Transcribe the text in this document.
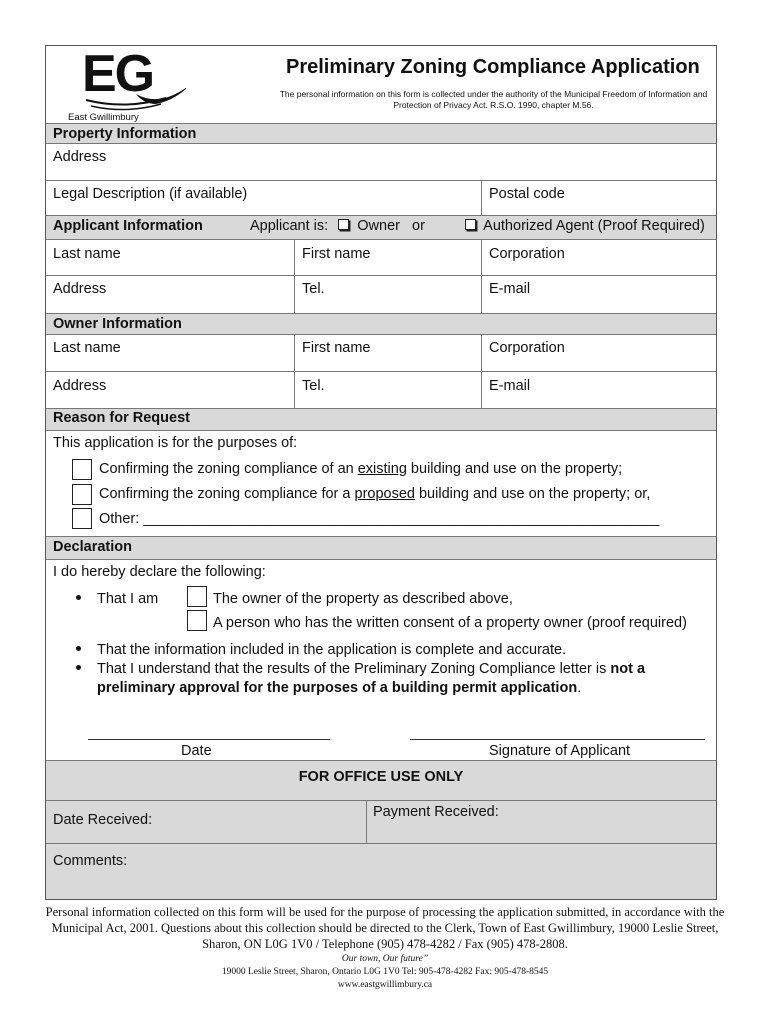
EG
East Gwillimbury
Preliminary Zoning Compliance Application
The personal information on this form is collected under the authority of the Municipal Freedom of Information and Protection of Privacy Act. R.S.O. 1990, chapter M.56.
Property Information
Address
Legal Description (if available)	Postal code
Applicant Information	Applicant is: Owner or	Authorized Agent (Proof Required)
Last name	First name	Corporation
Address	Tel.	E-mail
Owner Information
Last name	First name	Corporation
Address	Tel.	E-mail
Reason for Request
This application is for the purposes of:
Confirming the zoning compliance of an existing building and use on the property;
Confirming the zoning compliance for a proposed building and use on the property; or,
Other: ________________________________________________________________
Declaration
I do hereby declare the following:
That I am	The owner of the property as described above,
A person who has the written consent of a property owner (proof required)
That the information included in the application is complete and accurate.
That I understand that the results of the Preliminary Zoning Compliance letter is not a preliminary approval for the purposes of a building permit application.
Date	Signature of Applicant
FOR OFFICE USE ONLY
Date Received:	Payment Received:
Comments:
Personal information collected on this form will be used for the purpose of processing the application submitted, in accordance with the Municipal Act, 2001. Questions about this collection should be directed to the Clerk, Town of East Gwillimbury, 19000 Leslie Street, Sharon, ON L0G 1V0 / Telephone (905) 478-4282 / Fax (905) 478-2808.
Our town, Our future”
19000 Leslie Street, Sharon, Ontario L0G 1V0 Tel: 905-478-4282 Fax: 905-478-8545
www.eastgwillimbury.ca
